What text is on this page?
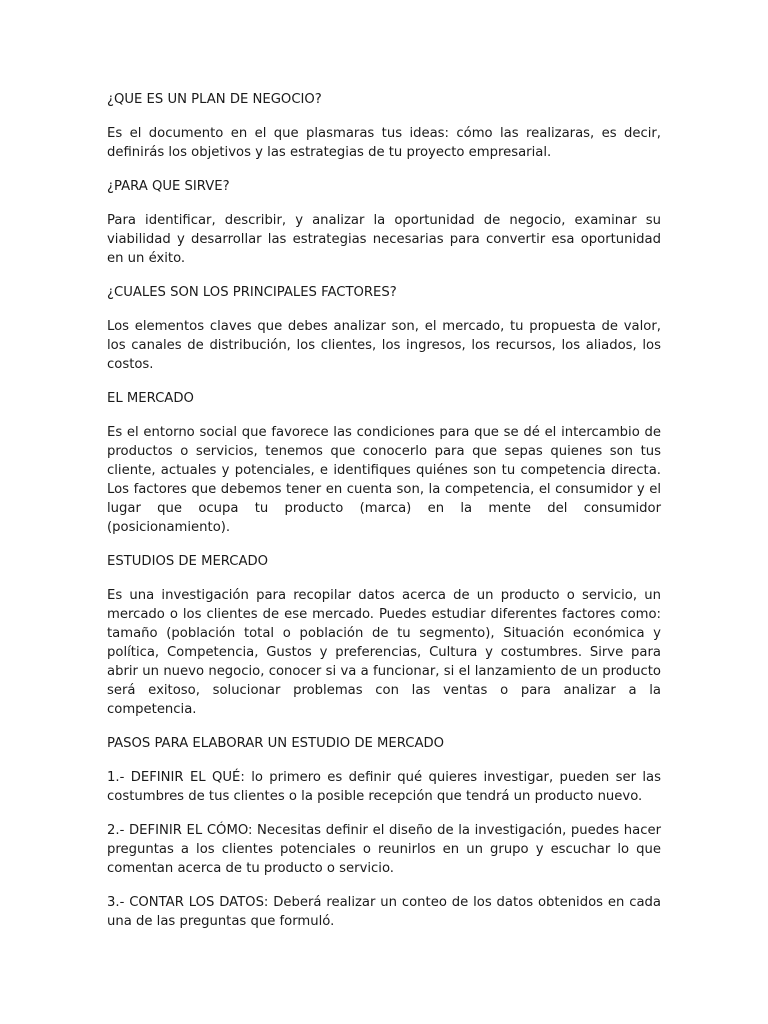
¿QUE ES UN PLAN DE NEGOCIO?
Es el documento en el que plasmaras tus ideas: cómo las realizaras, es decir, definirás los objetivos y las estrategias de tu proyecto empresarial.
¿PARA QUE SIRVE?
Para identificar, describir, y analizar la oportunidad de negocio, examinar su viabilidad y desarrollar las estrategias necesarias para convertir esa oportunidad en un éxito.
¿CUALES SON LOS PRINCIPALES FACTORES?
Los elementos claves que debes analizar son, el mercado, tu propuesta de valor, los canales de distribución, los clientes, los ingresos, los recursos, los aliados, los costos.
EL MERCADO
Es el entorno social que favorece las condiciones para que se dé el intercambio de productos o servicios, tenemos que conocerlo para que sepas quienes son tus cliente, actuales y potenciales, e identifiques quiénes son tu competencia directa. Los factores que debemos tener en cuenta son, la competencia, el consumidor y el lugar que ocupa tu producto (marca) en la mente del consumidor (posicionamiento).
ESTUDIOS DE MERCADO
Es una investigación para recopilar datos acerca de un producto o servicio, un mercado o los clientes de ese mercado. Puedes estudiar diferentes factores como: tamaño (población total o población de tu segmento), Situación económica y política, Competencia, Gustos y preferencias, Cultura y costumbres. Sirve para abrir un nuevo negocio, conocer si va a funcionar, si el lanzamiento de un producto será exitoso, solucionar problemas con las ventas o para analizar a la competencia.
PASOS PARA ELABORAR UN ESTUDIO DE MERCADO
1.- DEFINIR EL QUÉ: lo primero es definir qué quieres investigar, pueden ser las costumbres de tus clientes o la posible recepción que tendrá un producto nuevo.
2.- DEFINIR EL CÓMO: Necesitas definir el diseño de la investigación, puedes hacer preguntas a los clientes potenciales o reunirlos en un grupo y escuchar lo que comentan acerca de tu producto o servicio.
3.- CONTAR LOS DATOS: Deberá realizar un conteo de los datos obtenidos en cada una de las preguntas que formuló.
